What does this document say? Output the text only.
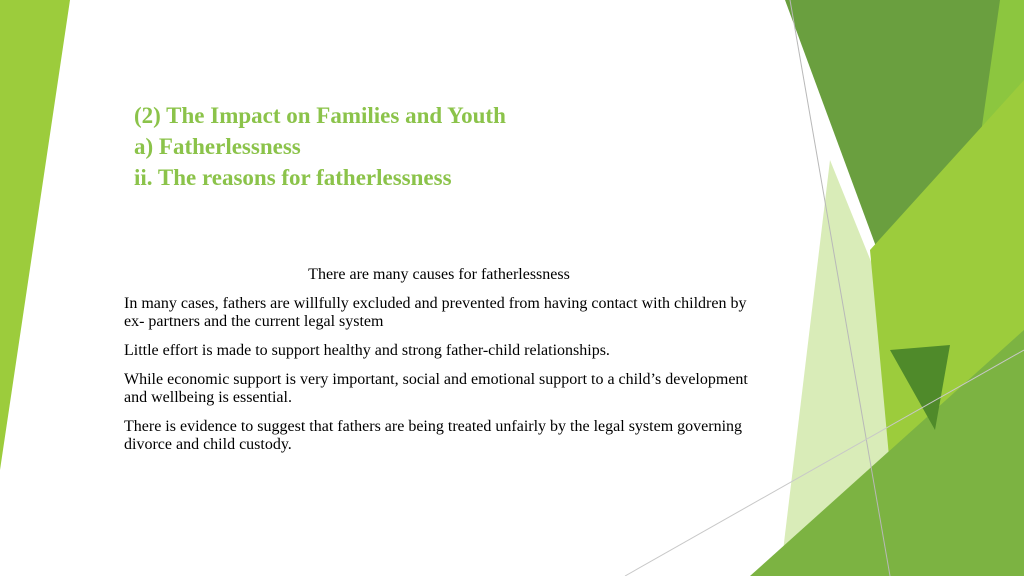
(2) The Impact on Families and Youth
a) Fatherlessness
ii. The reasons for fatherlessness
There are many causes for fatherlessness
In many cases, fathers are willfully excluded and prevented from having contact with children by ex- partners and the current legal system
Little effort is made to support healthy and strong father-child relationships.
While economic support is very important, social and emotional support to a child’s development and wellbeing is essential.
There is evidence to suggest that fathers are being treated unfairly by the legal system governing divorce and child custody.
